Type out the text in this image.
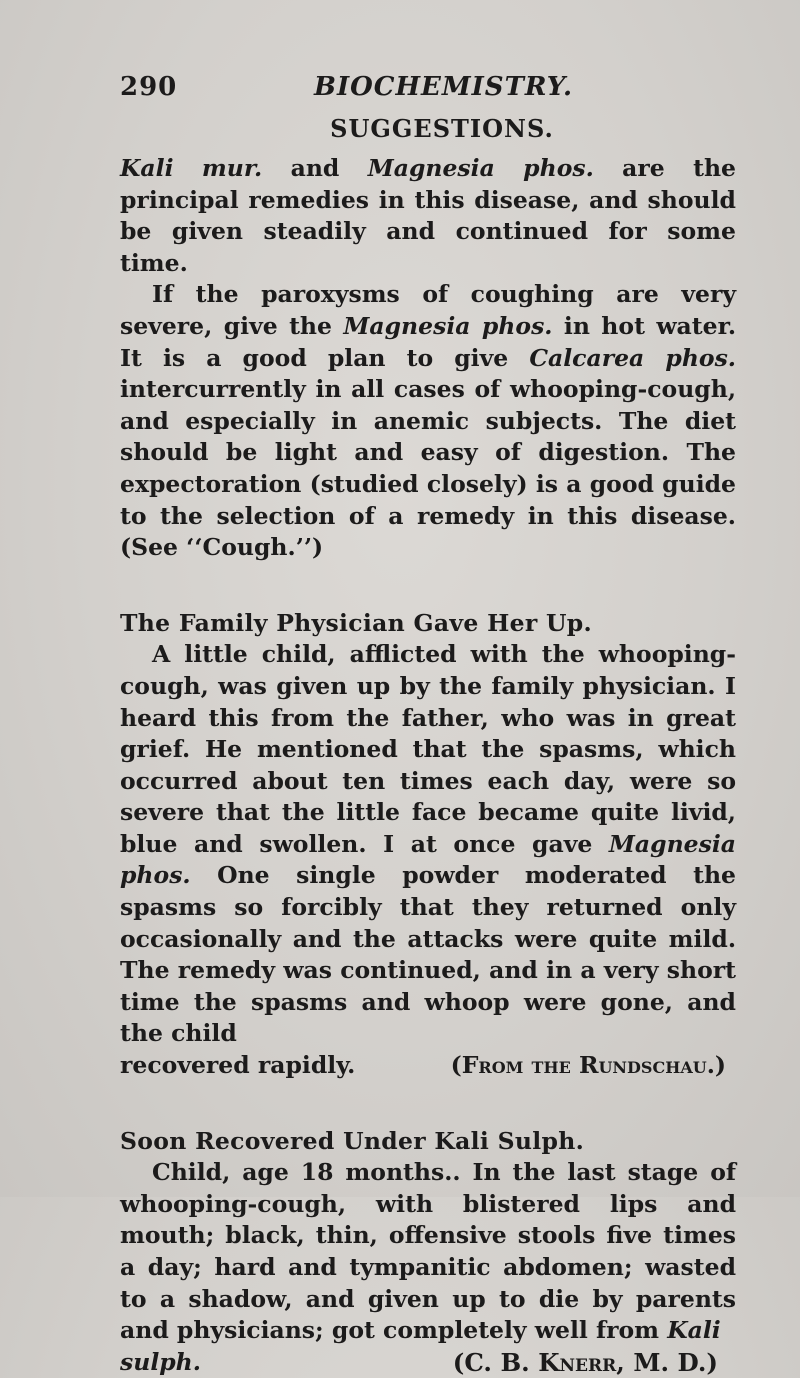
290	BIOCHEMISTRY.
SUGGESTIONS.

Kali mur. and Magnesia phos. are the principal remedies in this disease, and should be given steadily and continued for some time.

If the paroxysms of coughing are very severe, give the Magnesia phos. in hot water. It is a good plan to give Calcarea phos. intercurrently in all cases of whooping-cough, and especially in anemic subjects. The diet should be light and easy of digestion. The expectoration (studied closely) is a good guide to the selection of a remedy in this disease. (See ‘‘Cough.’’)

The Family Physician Gave Her Up.

A little child, afflicted with the whooping-cough, was given up by the family physician. I heard this from the father, who was in great grief. He mentioned that the spasms, which occurred about ten times each day, were so severe that the little face became quite livid, blue and swollen. I at once gave Magnesia phos. One single powder moderated the spasms so forcibly that they returned only occasionally and the attacks were quite mild. The remedy was continued, and in a very short time the spasms and whoop were gone, and the child

recovered rapidly.	(From the Rundschau.)
Soon Recovered Under Kali Sulph.

Child, age 18 months.. In the last stage of whooping-cough, with blistered lips and mouth; black, thin, offensive stools five times a day; hard and tympanitic abdomen; wasted to a shadow, and given up to die by parents and physicians; got completely well from Kali

sulph.	(C. B. Knerr, M. D.)
